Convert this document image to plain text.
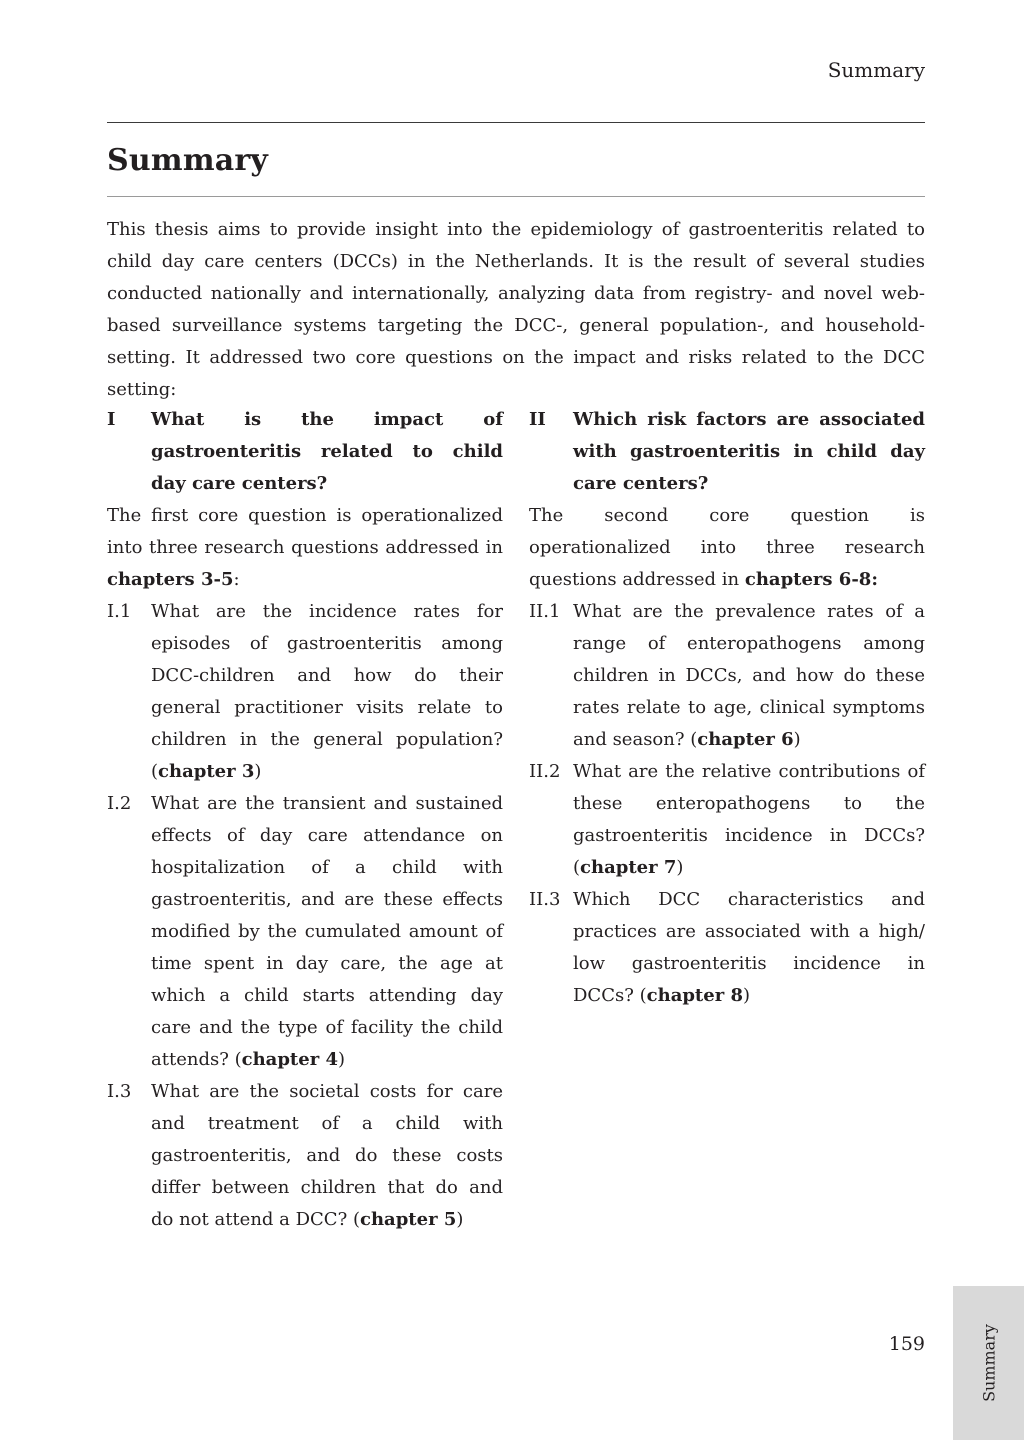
Summary
Summary

This thesis aims to provide insight into the epidemiology of gastroenteritis related to child day care centers (DCCs) in the Netherlands. It is the result of several studies conducted nationally and internationally, analyzing data from registry- and novel web-based surveillance systems targeting the DCC-, general population-, and household-setting. It addressed two core questions on the impact and risks related to the DCC setting:

I	What is the impact of gastroenteritis related to child day care centers?

The first core question is operationalized into three research questions addressed in chapters 3-5:

I.1	What are the incidence rates for episodes of gastroenteritis among DCC-children and how do their general practitioner visits relate to children in the general population? (chapter 3)
I.2	What are the transient and sustained effects of day care attendance on hospitalization of a child with gastroenteritis, and are these effects modified by the cumulated amount of time spent in day care, the age at which a child starts attending day care and the type of facility the child attends? (chapter 4)
I.3	What are the societal costs for care and treatment of a child with gastroenteritis, and do these costs differ between children that do and do not attend a DCC? (chapter 5)
II	Which risk factors are associated with gastroenteritis in child day care centers?

The second core question is operationalized into three research questions addressed in chapters 6-8:

II.1 What are the prevalence rates of a range of enteropathogens among children in DCCs, and how do these rates relate to age, clinical symptoms and season? (chapter 6)
II.2 What are the relative contributions of these enteropathogens to the gastroenteritis incidence in DCCs? (chapter 7)
II.3 Which DCC characteristics and practices are associated with a high/ low gastroenteritis incidence in DCCs? (chapter 8)
159	Summary
